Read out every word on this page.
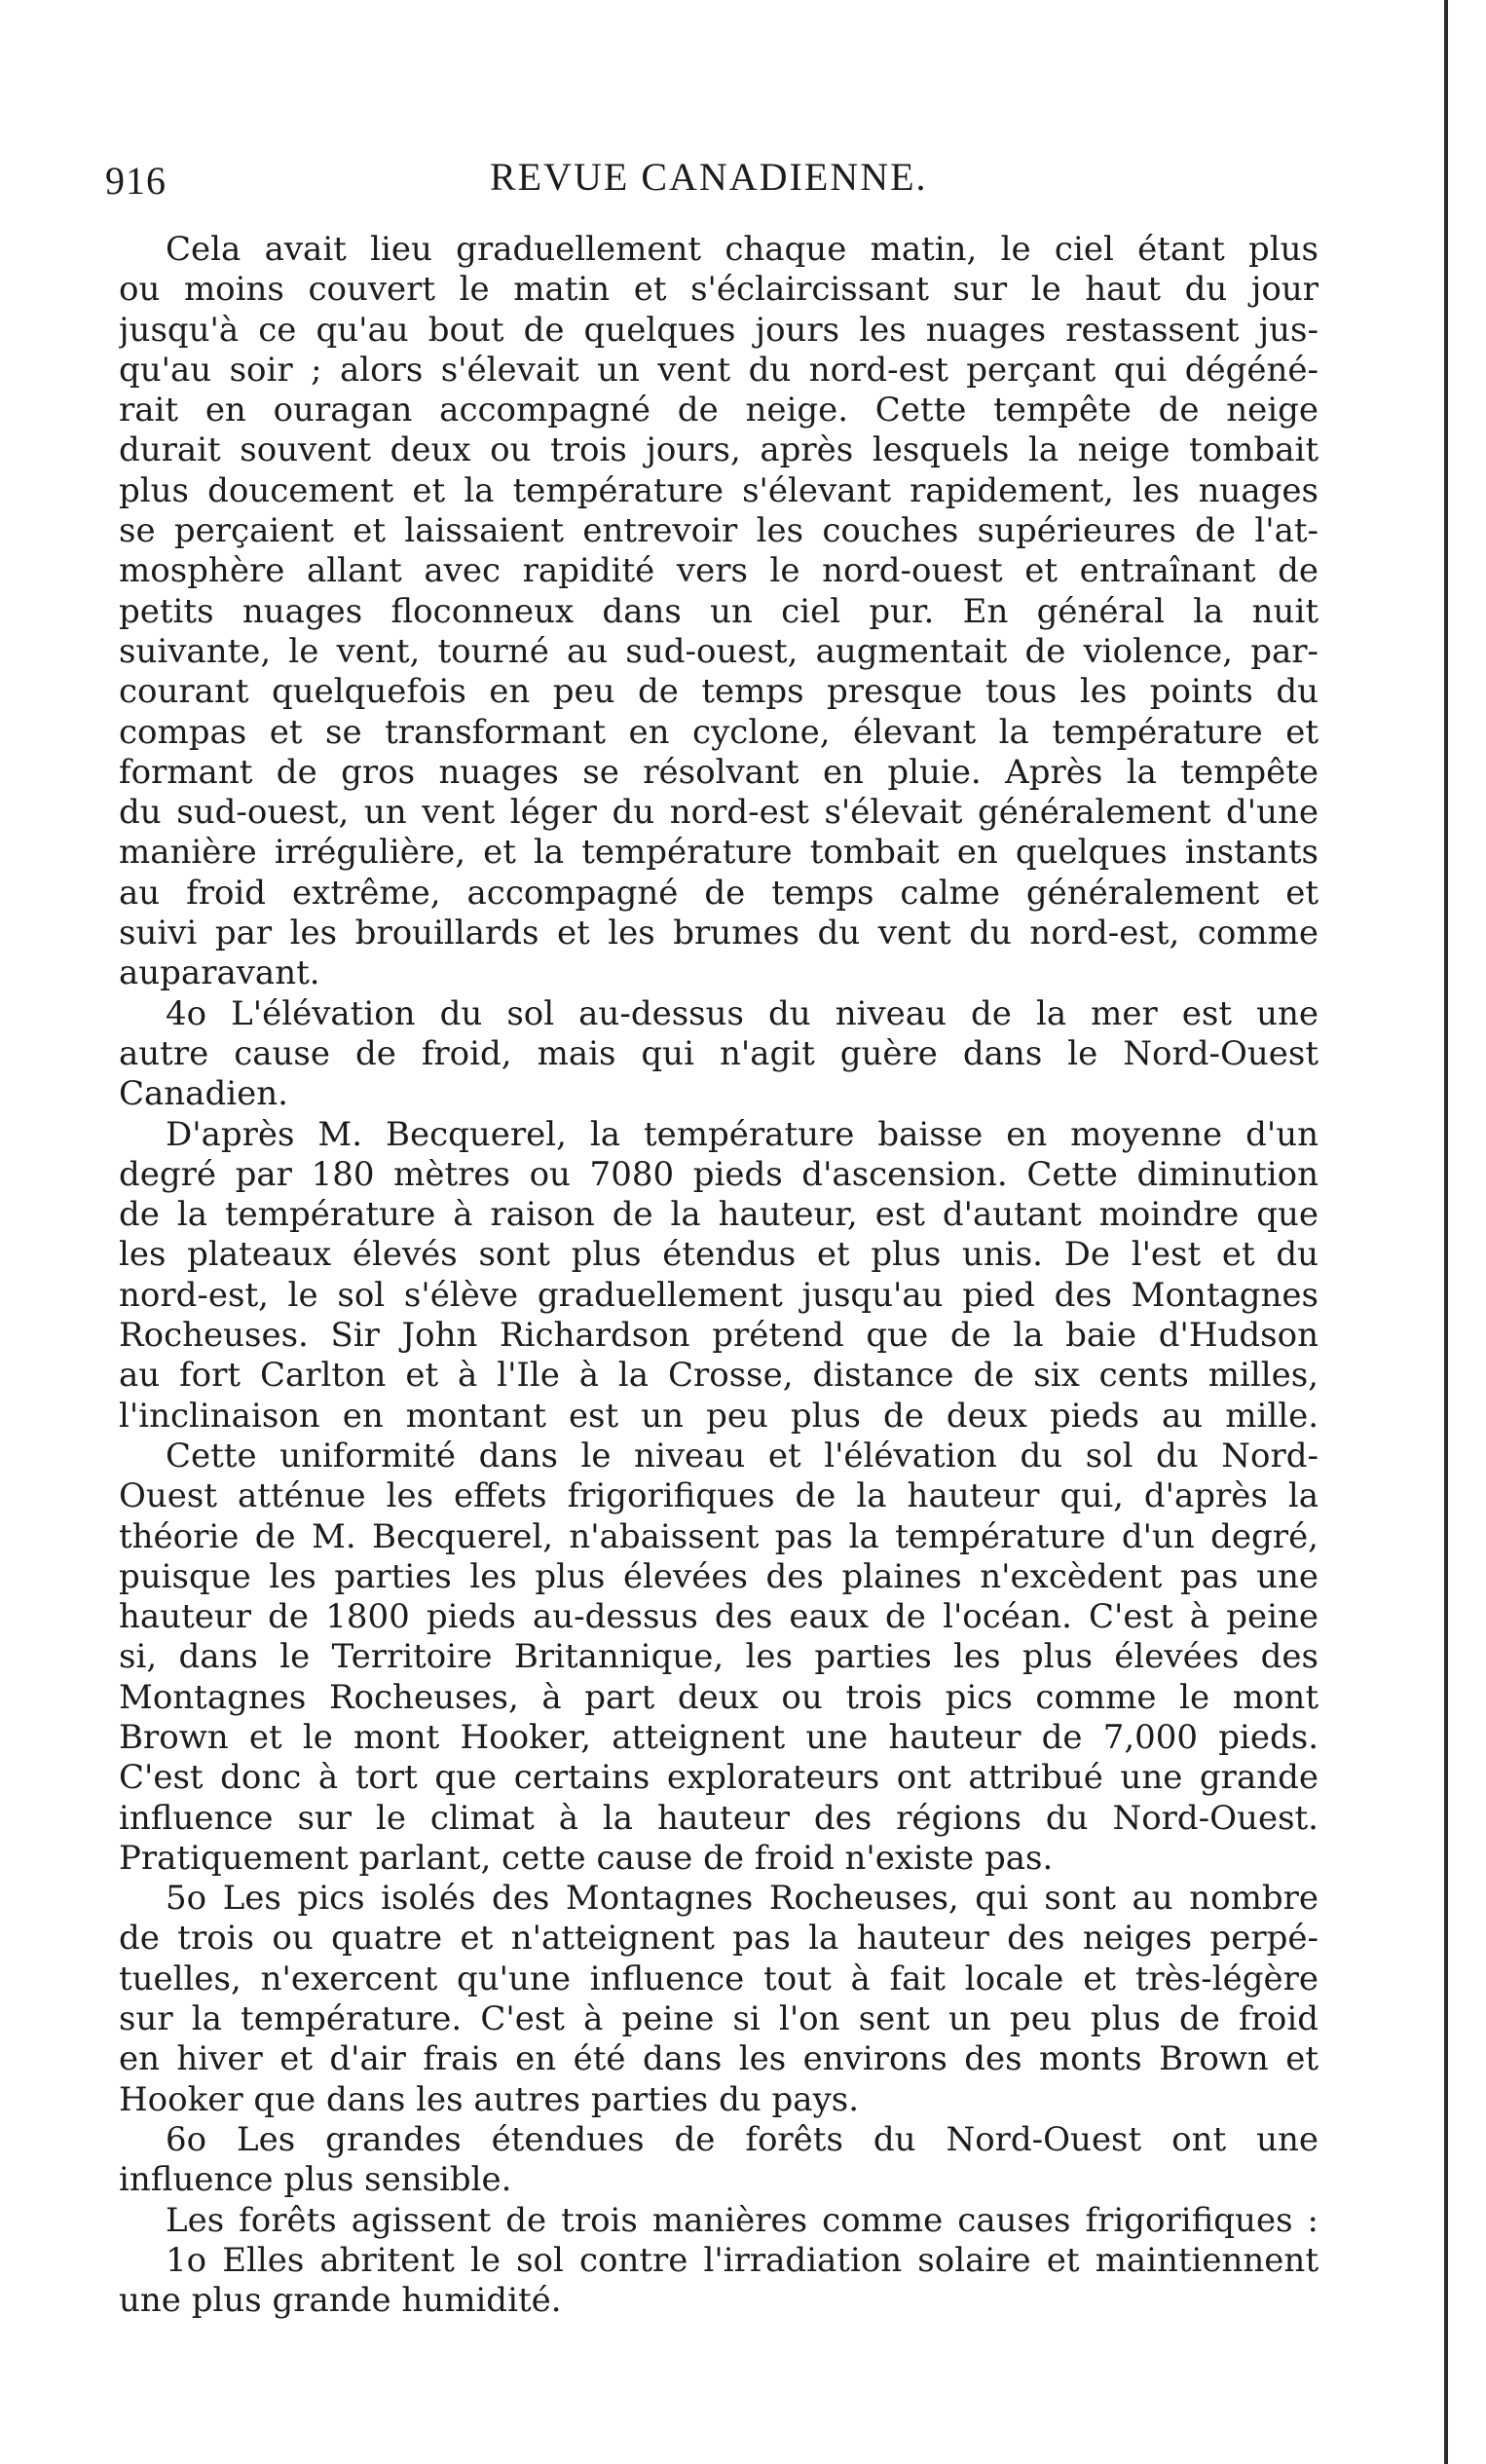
916	REVUE CANADIENNE.
Cela avait lieu graduellement chaque matin, le ciel étant plus
ou moins couvert le matin et s'éclaircissant sur le haut du jour
jusqu'à ce qu'au bout de quelques jours les nuages restassent jus-
qu'au soir ; alors s'élevait un vent du nord-est perçant qui dégéné-
rait en ouragan accompagné de neige. Cette tempête de neige
durait souvent deux ou trois jours, après lesquels la neige tombait
plus doucement et la température s'élevant rapidement, les nuages
se perçaient et laissaient entrevoir les couches supérieures de l'at-
mosphère allant avec rapidité vers le nord-ouest et entraînant de
petits nuages floconneux dans un ciel pur. En général la nuit
suivante, le vent, tourné au sud-ouest, augmentait de violence, par-
courant quelquefois en peu de temps presque tous les points du
compas et se transformant en cyclone, élevant la température et
formant de gros nuages se résolvant en pluie. Après la tempête
du sud-ouest, un vent léger du nord-est s'élevait généralement d'une
manière irrégulière, et la température tombait en quelques instants
au froid extrême, accompagné de temps calme généralement et
suivi par les brouillards et les brumes du vent du nord-est, comme
auparavant.
4o L'élévation du sol au-dessus du niveau de la mer est une
autre cause de froid, mais qui n'agit guère dans le Nord-Ouest
Canadien.
D'après M. Becquerel, la température baisse en moyenne d'un
degré par 180 mètres ou 7080 pieds d'ascension. Cette diminution
de la température à raison de la hauteur, est d'autant moindre que
les plateaux élevés sont plus étendus et plus unis. De l'est et du
nord-est, le sol s'élève graduellement jusqu'au pied des Montagnes
Rocheuses. Sir John Richardson prétend que de la baie d'Hudson
au fort Carlton et à l'Ile à la Crosse, distance de six cents milles,
l'inclinaison en montant est un peu plus de deux pieds au mille.
Cette uniformité dans le niveau et l'élévation du sol du Nord-
Ouest atténue les effets frigorifiques de la hauteur qui, d'après la
théorie de M. Becquerel, n'abaissent pas la température d'un degré,
puisque les parties les plus élevées des plaines n'excèdent pas une
hauteur de 1800 pieds au-dessus des eaux de l'océan. C'est à peine
si, dans le Territoire Britannique, les parties les plus élevées des
Montagnes Rocheuses, à part deux ou trois pics comme le mont
Brown et le mont Hooker, atteignent une hauteur de 7,000 pieds.
C'est donc à tort que certains explorateurs ont attribué une grande
influence sur le climat à la hauteur des régions du Nord-Ouest.
Pratiquement parlant, cette cause de froid n'existe pas.
5o Les pics isolés des Montagnes Rocheuses, qui sont au nombre
de trois ou quatre et n'atteignent pas la hauteur des neiges perpé-
tuelles, n'exercent qu'une influence tout à fait locale et très-légère
sur la température. C'est à peine si l'on sent un peu plus de froid
en hiver et d'air frais en été dans les environs des monts Brown et
Hooker que dans les autres parties du pays.
6o Les grandes étendues de forêts du Nord-Ouest ont une
influence plus sensible.
Les forêts agissent de trois manières comme causes frigorifiques :
1o Elles abritent le sol contre l'irradiation solaire et maintiennent
une plus grande humidité.
